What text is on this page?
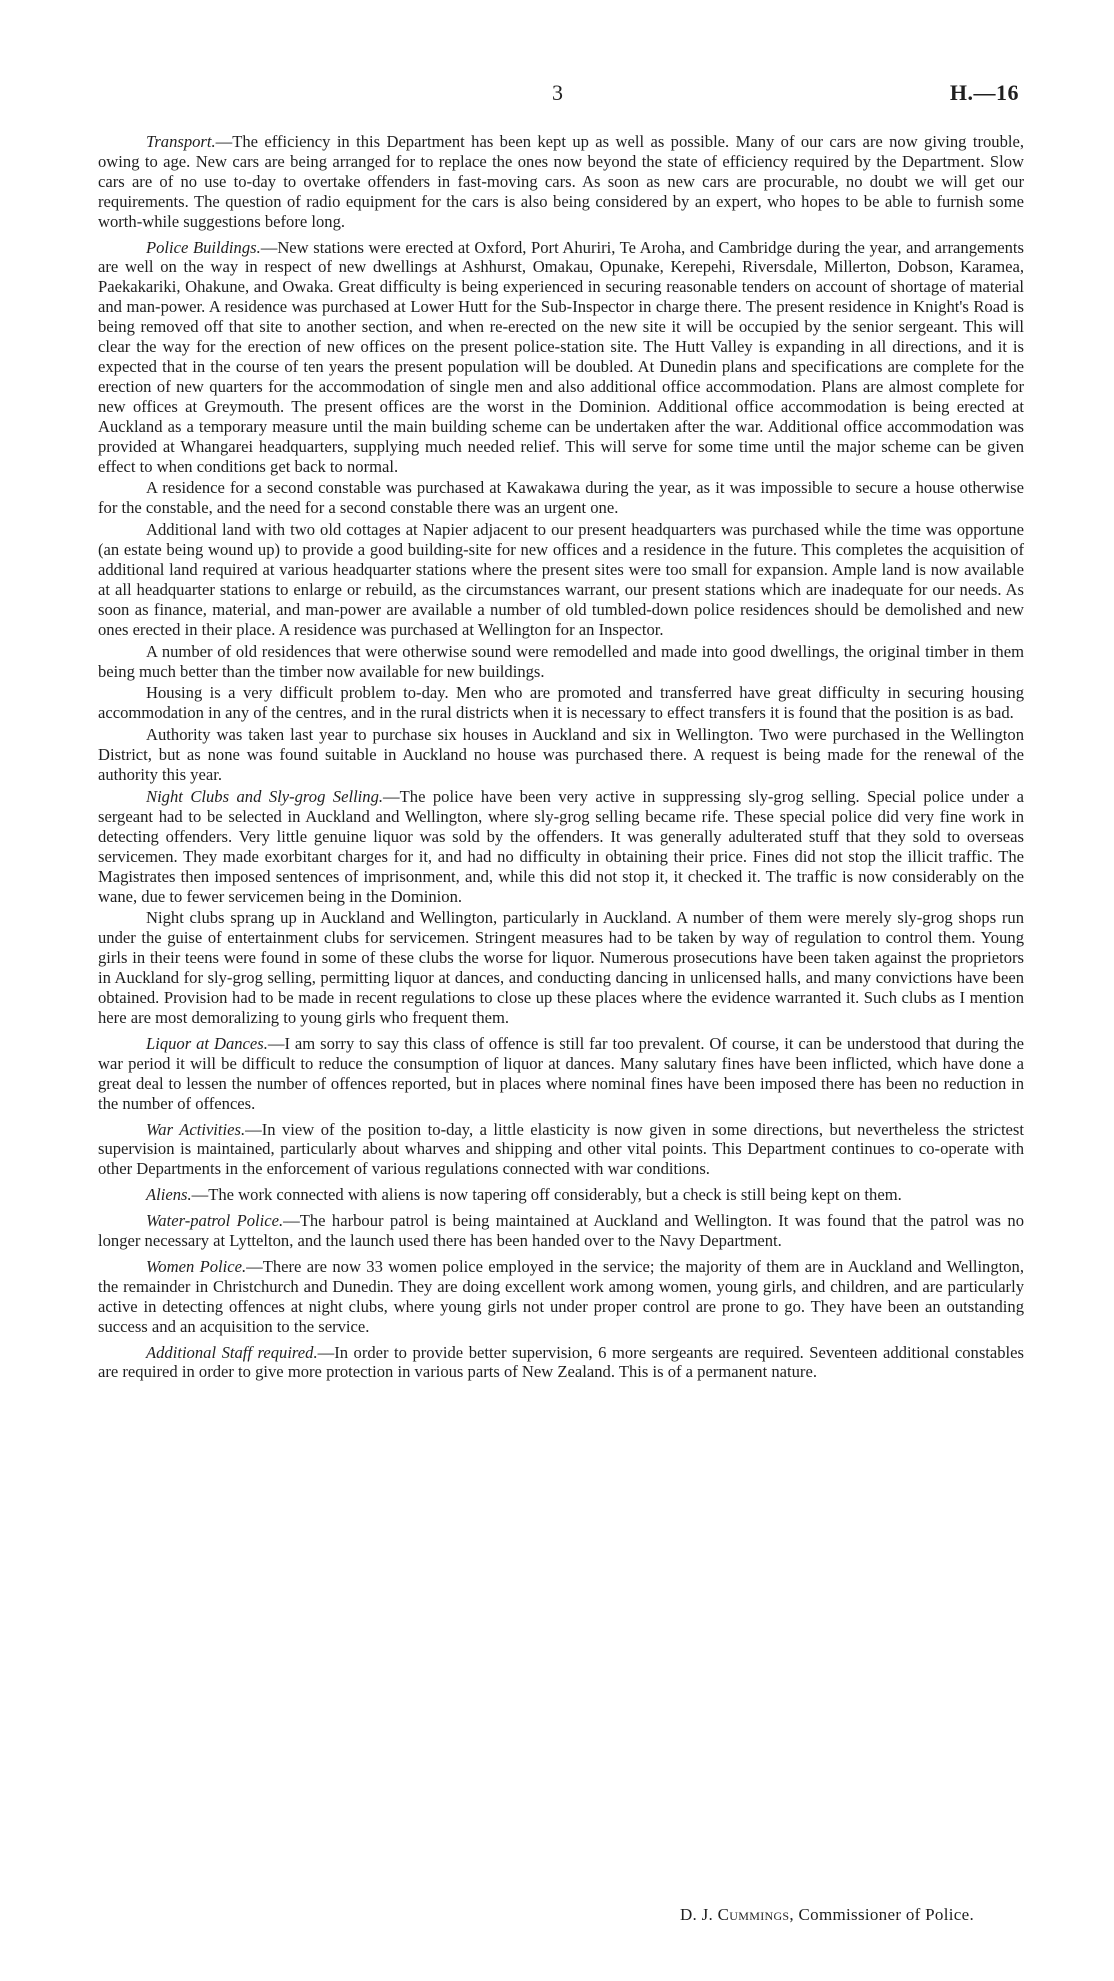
3	H.—16

Transport.—The efficiency in this Department has been kept up as well as possible. Many of our cars are now giving trouble, owing to age. New cars are being arranged for to replace the ones now beyond the state of efficiency required by the Department. Slow cars are of no use to-day to overtake offenders in fast-moving cars. As soon as new cars are procurable, no doubt we will get our requirements. The question of radio equipment for the cars is also being considered by an expert, who hopes to be able to furnish some worth-while suggestions before long.

Police Buildings.—New stations were erected at Oxford, Port Ahuriri, Te Aroha, and Cambridge during the year, and arrangements are well on the way in respect of new dwellings at Ashhurst, Omakau, Opunake, Kerepehi, Riversdale, Millerton, Dobson, Karamea, Paekakariki, Ohakune, and Owaka. Great difficulty is being experienced in securing reasonable tenders on account of shortage of material and man-power. A residence was purchased at Lower Hutt for the Sub-Inspector in charge there. The present residence in Knight's Road is being removed off that site to another section, and when re-erected on the new site it will be occupied by the senior sergeant. This will clear the way for the erection of new offices on the present police-station site. The Hutt Valley is expanding in all directions, and it is expected that in the course of ten years the present population will be doubled. At Dunedin plans and specifications are complete for the erection of new quarters for the accommodation of single men and also additional office accommodation. Plans are almost complete for new offices at Greymouth. The present offices are the worst in the Dominion. Additional office accommodation is being erected at Auckland as a temporary measure until the main building scheme can be undertaken after the war. Additional office accommodation was provided at Whangarei headquarters, supplying much needed relief. This will serve for some time until the major scheme can be given effect to when conditions get back to normal.

A residence for a second constable was purchased at Kawakawa during the year, as it was impossible to secure a house otherwise for the constable, and the need for a second constable there was an urgent one.

Additional land with two old cottages at Napier adjacent to our present headquarters was purchased while the time was opportune (an estate being wound up) to provide a good building-site for new offices and a residence in the future. This completes the acquisition of additional land required at various headquarter stations where the present sites were too small for expansion. Ample land is now available at all headquarter stations to enlarge or rebuild, as the circumstances warrant, our present stations which are inadequate for our needs. As soon as finance, material, and man-power are available a number of old tumbled-down police residences should be demolished and new ones erected in their place. A residence was purchased at Wellington for an Inspector.

A number of old residences that were otherwise sound were remodelled and made into good dwellings, the original timber in them being much better than the timber now available for new buildings.

Housing is a very difficult problem to-day. Men who are promoted and transferred have great difficulty in securing housing accommodation in any of the centres, and in the rural districts when it is necessary to effect transfers it is found that the position is as bad.

Authority was taken last year to purchase six houses in Auckland and six in Wellington. Two were purchased in the Wellington District, but as none was found suitable in Auckland no house was purchased there. A request is being made for the renewal of the authority this year.

Night Clubs and Sly-grog Selling.—The police have been very active in suppressing sly-grog selling. Special police under a sergeant had to be selected in Auckland and Wellington, where sly-grog selling became rife. These special police did very fine work in detecting offenders. Very little genuine liquor was sold by the offenders. It was generally adulterated stuff that they sold to overseas servicemen. They made exorbitant charges for it, and had no difficulty in obtaining their price. Fines did not stop the illicit traffic. The Magistrates then imposed sentences of imprisonment, and, while this did not stop it, it checked it. The traffic is now considerably on the wane, due to fewer servicemen being in the Dominion.

Night clubs sprang up in Auckland and Wellington, particularly in Auckland. A number of them were merely sly-grog shops run under the guise of entertainment clubs for servicemen. Stringent measures had to be taken by way of regulation to control them. Young girls in their teens were found in some of these clubs the worse for liquor. Numerous prosecutions have been taken against the proprietors in Auckland for sly-grog selling, permitting liquor at dances, and conducting dancing in unlicensed halls, and many convictions have been obtained. Provision had to be made in recent regulations to close up these places where the evidence warranted it. Such clubs as I mention here are most demoralizing to young girls who frequent them.

Liquor at Dances.—I am sorry to say this class of offence is still far too prevalent. Of course, it can be understood that during the war period it will be difficult to reduce the consumption of liquor at dances. Many salutary fines have been inflicted, which have done a great deal to lessen the number of offences reported, but in places where nominal fines have been imposed there has been no reduction in the number of offences.

War Activities.—In view of the position to-day, a little elasticity is now given in some directions, but nevertheless the strictest supervision is maintained, particularly about wharves and shipping and other vital points. This Department continues to co-operate with other Departments in the enforcement of various regulations connected with war conditions.

Aliens.—The work connected with aliens is now tapering off considerably, but a check is still being kept on them.

Water-patrol Police.—The harbour patrol is being maintained at Auckland and Wellington. It was found that the patrol was no longer necessary at Lyttelton, and the launch used there has been handed over to the Navy Department.

Women Police.—There are now 33 women police employed in the service; the majority of them are in Auckland and Wellington, the remainder in Christchurch and Dunedin. They are doing excellent work among women, young girls, and children, and are particularly active in detecting offences at night clubs, where young girls not under proper control are prone to go. They have been an outstanding success and an acquisition to the service.

Additional Staff required.—In order to provide better supervision, 6 more sergeants are required. Seventeen additional constables are required in order to give more protection in various parts of New Zealand. This is of a permanent nature.

D. J. Cummings, Commissioner of Police.
